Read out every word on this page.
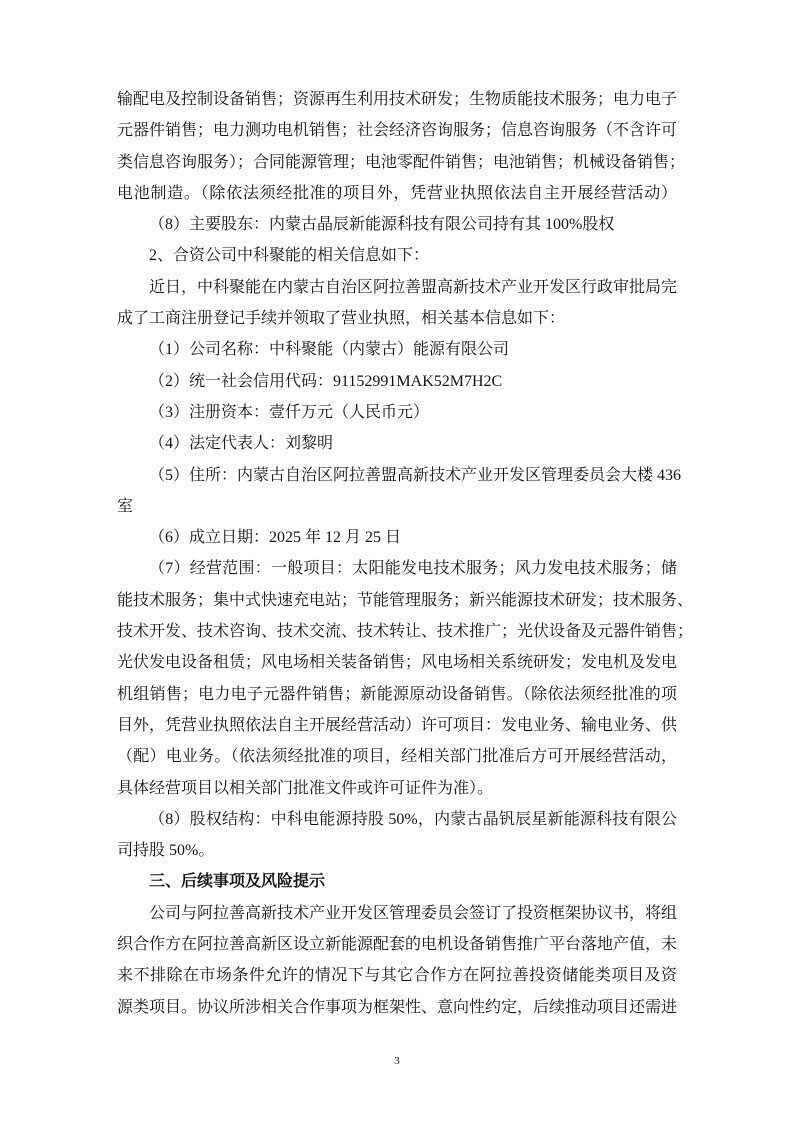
输配电及控制设备销售；资源再生利用技术研发；生物质能技术服务；电力电子
元器件销售；电力测功电机销售；社会经济咨询服务；信息咨询服务（不含许可
类信息咨询服务）；合同能源管理；电池零配件销售；电池销售；机械设备销售；
电池制造。（除依法须经批准的项目外，凭营业执照依法自主开展经营活动）
（8）主要股东：内蒙古晶辰新能源科技有限公司持有其 100%股权
2、合资公司中科聚能的相关信息如下：
近日，中科聚能在内蒙古自治区阿拉善盟高新技术产业开发区行政审批局完
成了工商注册登记手续并领取了营业执照，相关基本信息如下：
（1）公司名称：中科聚能（内蒙古）能源有限公司
（2）统一社会信用代码：91152991MAK52M7H2C
（3）注册资本：壹仟万元（人民币元）
（4）法定代表人：刘黎明
（5）住所：内蒙古自治区阿拉善盟高新技术产业开发区管理委员会大楼 436
室
（6）成立日期：2025 年 12 月 25 日
（7）经营范围：一般项目：太阳能发电技术服务；风力发电技术服务；储
能技术服务；集中式快速充电站；节能管理服务；新兴能源技术研发；技术服务、
技术开发、技术咨询、技术交流、技术转让、技术推广；光伏设备及元器件销售；
光伏发电设备租赁；风电场相关装备销售；风电场相关系统研发；发电机及发电
机组销售；电力电子元器件销售；新能源原动设备销售。（除依法须经批准的项
目外，凭营业执照依法自主开展经营活动）许可项目：发电业务、输电业务、供
（配）电业务。（依法须经批准的项目，经相关部门批准后方可开展经营活动，
具体经营项目以相关部门批准文件或许可证件为准）。
（8）股权结构：中科电能源持股 50%，内蒙古晶钒辰星新能源科技有限公
司持股 50%。
三、后续事项及风险提示
公司与阿拉善高新技术产业开发区管理委员会签订了投资框架协议书，将组
织合作方在阿拉善高新区设立新能源配套的电机设备销售推广平台落地产值，未
来不排除在市场条件允许的情况下与其它合作方在阿拉善投资储能类项目及资
源类项目。协议所涉相关合作事项为框架性、意向性约定，后续推动项目还需进
3
